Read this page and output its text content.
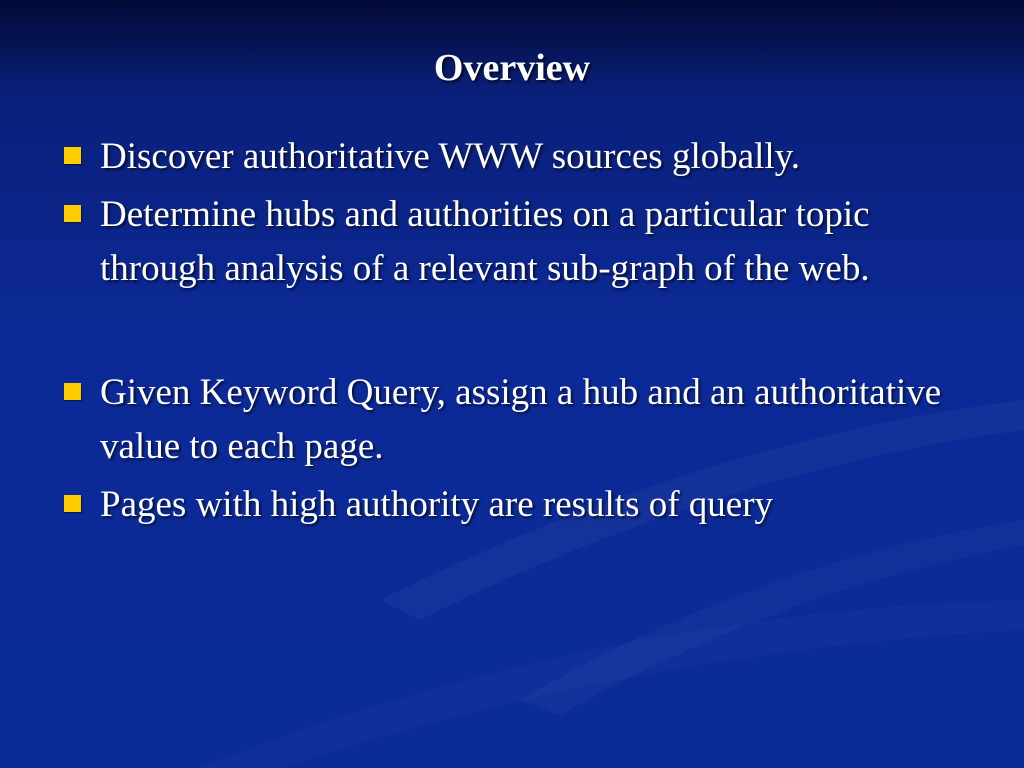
Overview
Discover authoritative WWW sources globally.
Determine hubs and authorities on a particular topic through analysis of a relevant sub-graph of the web.
Given Keyword Query, assign a hub and an authoritative value to each page.
Pages with high authority are results of query
